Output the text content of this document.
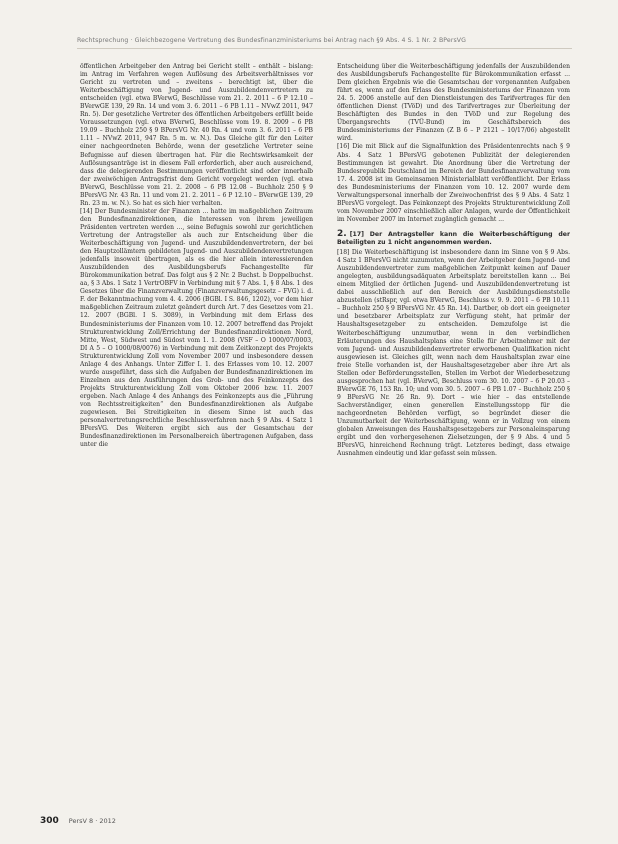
Rechtsprechung · Gleichbezogene Vertretung des Bundesfinanzministeriums bei Antrag nach §9 Abs. 4 S. 1 Nr. 2 BPersVG

öffentlichen Arbeitgeber den Antrag bei Gericht stellt – enthält – bislang: im Antrag im Verfahren wegen Auflösung des Arbeitsverhältnisses vor Gericht zu vertreten und – zweitens – berechtigt ist, über die Weiterbeschäftigung von Jugend- und Auszubildendenvertretern zu entscheiden (vgl. etwa BVerwG, Beschlüsse vom 21. 2. 2011 – 6 P 12.10 – BVerwGE 139, 29 Rn. 14 und vom 3. 6. 2011 – 6 PB 1.11 – NVwZ 2011, 947 Rn. 5). Der gesetzliche Vertreter des öffentlichen Arbeitgebers erfüllt beide Voraussetzungen (vgl. etwa BVerwG, Beschlüsse vom 19. 8. 2009 – 6 PB 19.09 – Buchholz 250 § 9 BPersVG Nr. 40 Rn. 4 und vom 3. 6. 2011 – 6 PB 1.11 – NVwZ 2011, 947 Rn. 5 m. w. N.). Das Gleiche gilt für den Leiter einer nachgeordneten Behörde, wenn der gesetzliche Vertreter seine Befugnisse auf diesen übertragen hat. Für die Rechtswirksamkeit der Auflösungsanträge ist in diesem Fall erforderlich, aber auch ausreichend, dass die delegierenden Bestimmungen veröffentlicht sind oder innerhalb der zweiwöchigen Antragsfrist dem Gericht vorgelegt werden (vgl. etwa BVerwG, Beschlüsse vom 21. 2. 2008 – 6 PB 12.08 – Buchholz 250 § 9 BPersVG Nr. 43 Rn. 11 und vom 21. 2. 2011 – 6 P 12.10 – BVerwGE 139, 29 Rn. 23 m. w. N.). So hat es sich hier verhalten.

[14] Der Bundesminister der Finanzen ... hatte im maßgeblichen Zeitraum den Bundesfinanzdirektionen, die Interessen von ihrem jeweiligen Präsidenten vertreten werden ..., seine Befugnis sowohl zur gerichtlichen Vertretung der Antragsteller als auch zur Entscheidung über die Weiterbeschäftigung von Jugend- und Auszubildendenvertretern, der bei den Hauptzollämtern gebildeten Jugend- und Auszubildendenvertretungen jedenfalls insoweit übertragen, als es die hier allein interessierenden Auszubildenden des Ausbildungsberufs Fachangestellte für Bürokommunikation betraf. Das folgt aus § 2 Nr. 2 Buchst. b Doppelbuchst. aa, § 3 Abs. 1 Satz 1 VertrOBFV in Verbindung mit § 7 Abs. 1, § 8 Abs. 1 des Gesetzes über die Finanzverwaltung (Finanzverwaltungsgesetz – FVG) i. d. F. der Bekanntmachung vom 4. 4. 2006 (BGBl. I S. 846, 1202), vor dem hier maßgeblichen Zeitraum zuletzt geändert durch Art. 7 des Gesetzes vom 21. 12. 2007 (BGBl. I S. 3089), in Verbindung mit dem Erlass des Bundesministeriums der Finanzen vom 10. 12. 2007 betreffend das Projekt Strukturentwicklung Zoll/Errichtung der Bundesfinanzdirektionen Nord, Mitte, West, Südwest und Südost vom 1. 1. 2008 (VSF – O 1000/07/0003, DI A 5 – O 1000/08/0076) in Verbindung mit dem Zeitkonzept des Projekts Strukturentwicklung Zoll vom November 2007 und insbesondere dessen Anlage 4 des Anhangs. Unter Ziffer I. 1. des Erlasses vom 10. 12. 2007 wurde ausgeführt, dass sich die Aufgaben der Bundesfinanzdirektionen im Einzelnen aus den Ausführungen des Grob- und des Feinkonzepts des Projekts Strukturentwicklung Zoll vom Oktober 2006 bzw. 11. 2007 ergeben. Nach Anlage 4 des Anhangs des Feinkonzepts aus die „Führung von Rechtsstreitigkeiten“ den Bundesfinanzdirektionen als Aufgabe zugewiesen. Bei Streitigkeiten in diesem Sinne ist auch das personalvertretungsrechtliche Beschlussverfahren nach § 9 Abs. 4 Satz 1 BPersVG. Des Weiteren ergibt sich aus der Gesamtschau der Bundesfinanzdirektionen im Personalbereich übertragenen Aufgaben, dass unter die

Entscheidung über die Weiterbeschäftigung jedenfalls der Auszubildenden des Ausbildungsberufs Fachangestellte für Bürokommunikation erfasst ... Dem gleichen Ergebnis wie die Gesamtschau der vorgenannten Aufgaben führt es, wenn auf den Erlass des Bundesministeriums der Finanzen vom 24. 5. 2006 anstelle auf den Dienstleistungen des Tarifvertrages für den öffentlichen Dienst (TVöD) und des Tarifvertrages zur Überleitung der Beschäftigten des Bundes in den TVöD und zur Regelung des Übergangsrechts (TVÜ-Bund) im Geschäftsbereich des Bundesministeriums der Finanzen (Z B 6 – P 2121 – 10/17/06) abgestellt wird.

[16] Die mit Blick auf die Signalfunktion des Präsidentenrechts nach § 9 Abs. 4 Satz 1 BPersVG gebotenen Publizität der delegierenden Bestimmungen ist gewahrt. Die Anordnung über die Vertretung der Bundesrepublik Deutschland im Bereich der Bundesfinanzverwaltung vom 17. 4. 2008 ist im Gemeinsamen Ministerialblatt veröffentlicht. Der Erlass des Bundesministeriums der Finanzen vom 10. 12. 2007 wurde dem Verwaltungspersonal innerhalb der Zweiwochenfrist des § 9 Abs. 4 Satz 1 BPersVG vorgelegt. Das Feinkonzept des Projekts Strukturentwicklung Zoll vom November 2007 einschließlich aller Anlagen, wurde der Öffentlichkeit im November 2007 im Internet zugänglich gemacht ...

2. [17] Der Antragsteller kann die Weiterbeschäftigung der Beteiligten zu 1 nicht angenommen werden.

[18] Die Weiterbeschäftigung ist insbesondere dann im Sinne von § 9 Abs. 4 Satz 1 BPersVG nicht zuzumuten, wenn der Arbeitgeber dem Jugend- und Auszubildendenvertreter zum maßgeblichen Zeitpunkt keinen auf Dauer angelegten, ausbildungsadäquaten Arbeitsplatz bereitstellen kann ... Bei einem Mitglied der örtlichen Jugend- und Auszubildendenvertretung ist dabei ausschließlich auf den Bereich der Ausbildungsdienststelle abzustellen (stRspr, vgl. etwa BVerwG, Beschluss v. 9. 9. 2011 – 6 PB 10.11 – Buchholz 250 § 9 BPersVG Nr. 45 Rn. 14). Dartber, ob dort ein geeigneter und besetzbarer Arbeitsplatz zur Verfügung steht, hat primär der Haushaltsgesetzgeber zu entscheiden. Demzufolge ist die Weiterbeschäftigung unzumutbar, wenn in den verbindlichen Erläuterungen des Haushaltsplans eine Stelle für Arbeitnehmer mit der vom Jugend- und Auszubildendenvertreter erworbenen Qualifikation nicht ausgewiesen ist. Gleiches gilt, wenn nach dem Haushaltsplan zwar eine freie Stelle vorhanden ist, der Haushaltsgesetzgeber aber ihre Art als Stellen oder Beförderungsstellen, Stellen im Verbot der Wiederbesetzung ausgesprochen hat (vgl. BVerwG, Beschluss vom 30. 10. 2007 – 6 P 20.03 – BVerwGE 76, 153 Rn. 10; und vom 30. 5. 2007 – 6 PB 1.07 – Buchholz 250 § 9 BPersVG Nr. 26 Rn. 9). Dort – wie hier – das entstellende Sachverständiger, einen generellen Einstellungsstopp für die nachgeordneten Behörden verfügt, so begründet dieser die Unzumutbarkeit der Weiterbeschäftigung, wenn er in Vollzug von einem globalen Anweisungen des Haushaltsgesetzgebers zur Personaleinsparung ergibt und den vorhergesehenen Zielsetzungen, der § 9 Abs. 4 und 5 BPersVG, hinreichend Rechnung trägt. Letzteres bedingt, dass etwaige Ausnahmen eindeutig und klar gefasst sein müssen.

300 PersV 8 · 2012
